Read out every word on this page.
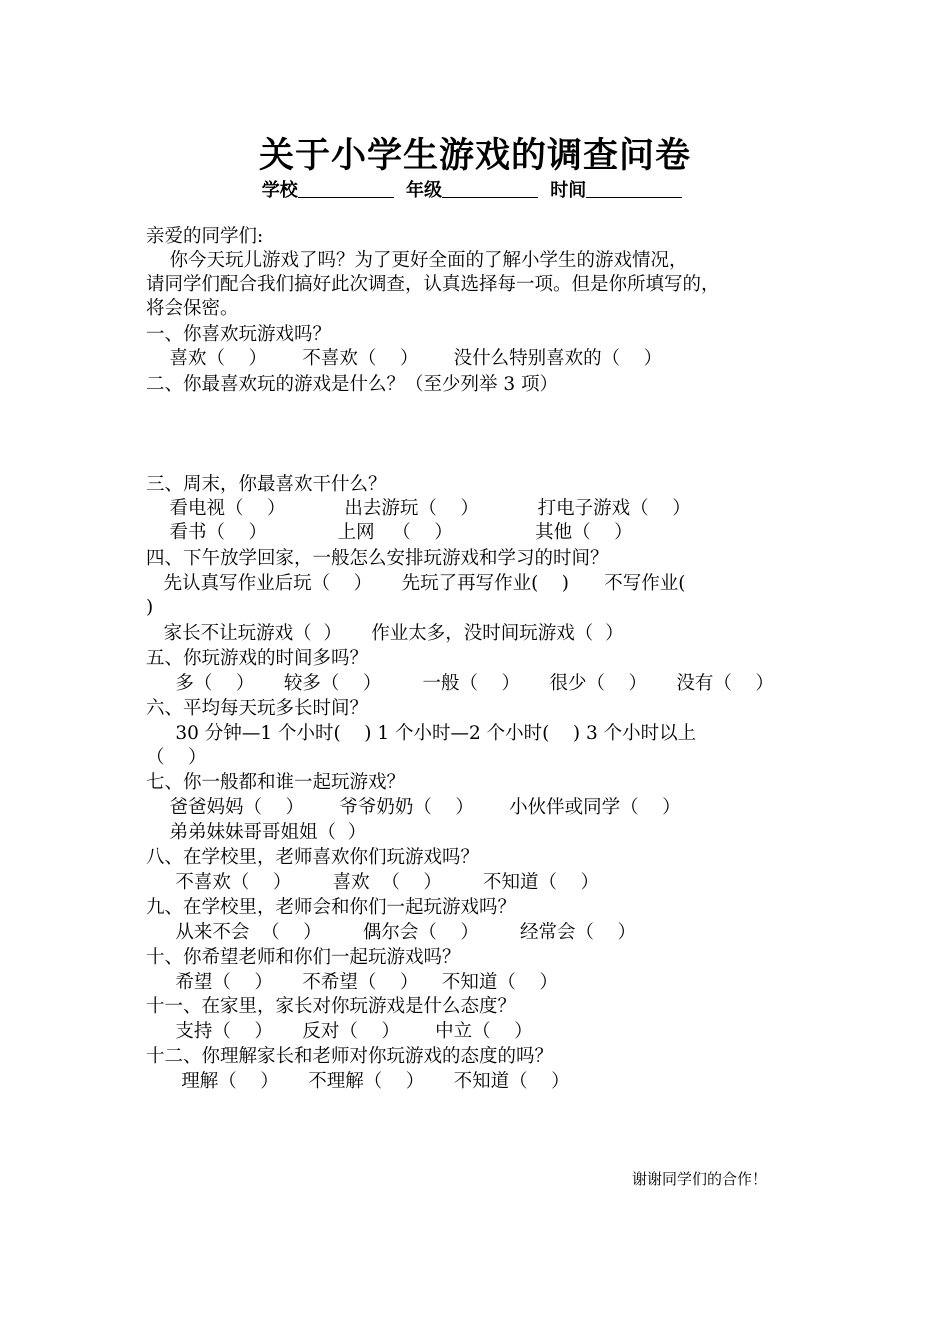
关于小学生游戏的调查问卷
学校	年级	时间
亲爱的同学们:
你今天玩儿游戏了吗？为了更好全面的了解小学生的游戏情况，
请同学们配合我们搞好此次调查，认真选择每一项。但是你所填写的，
将会保密。
一、你喜欢玩游戏吗？
喜欢（    ）      不喜欢（    ）      没什么特别喜欢的（    ）
二、你最喜欢玩的游戏是什么？（至少列举 3 项）
三、周末，你最喜欢干什么？
看电视（    ）          出去游玩（    ）          打电子游戏（    ）
看书（    ）            上网   （    ）              其他（    ）
四、下午放学回家，一般怎么安排玩游戏和学习的时间？
先认真写作业后玩（    ）     先玩了再写作业(    )      不写作业(
)
家长不让玩游戏（  ）     作业太多，没时间玩游戏（  ）
五、你玩游戏的时间多吗？
多（    ）     较多（    ）       一般（    ）     很少（    ）     没有（    ）
六、平均每天玩多长时间？
30 分钟—1 个小时(    ) 1 个小时—2 个小时(    ) 3 个小时以上
（    ）
七、你一般都和谁一起玩游戏？
爸爸妈妈（    ）      爷爷奶奶（    ）      小伙伴或同学（    ）
弟弟妹妹哥哥姐姐（  ）
八、在学校里，老师喜欢你们玩游戏吗？
不喜欢（    ）       喜欢  （    ）       不知道（    ）
九、在学校里，老师会和你们一起玩游戏吗？
从来不会  （    ）       偶尔会（    ）       经常会（    ）
十、你希望老师和你们一起玩游戏吗？
希望（    ）     不希望（    ）    不知道（    ）
十一、在家里，家长对你玩游戏是什么态度？
支持（    ）     反对（    ）      中立（    ）
十二、你理解家长和老师对你玩游戏的态度的吗？
理解（    ）     不理解（    ）     不知道（    ）
谢谢同学们的合作！
